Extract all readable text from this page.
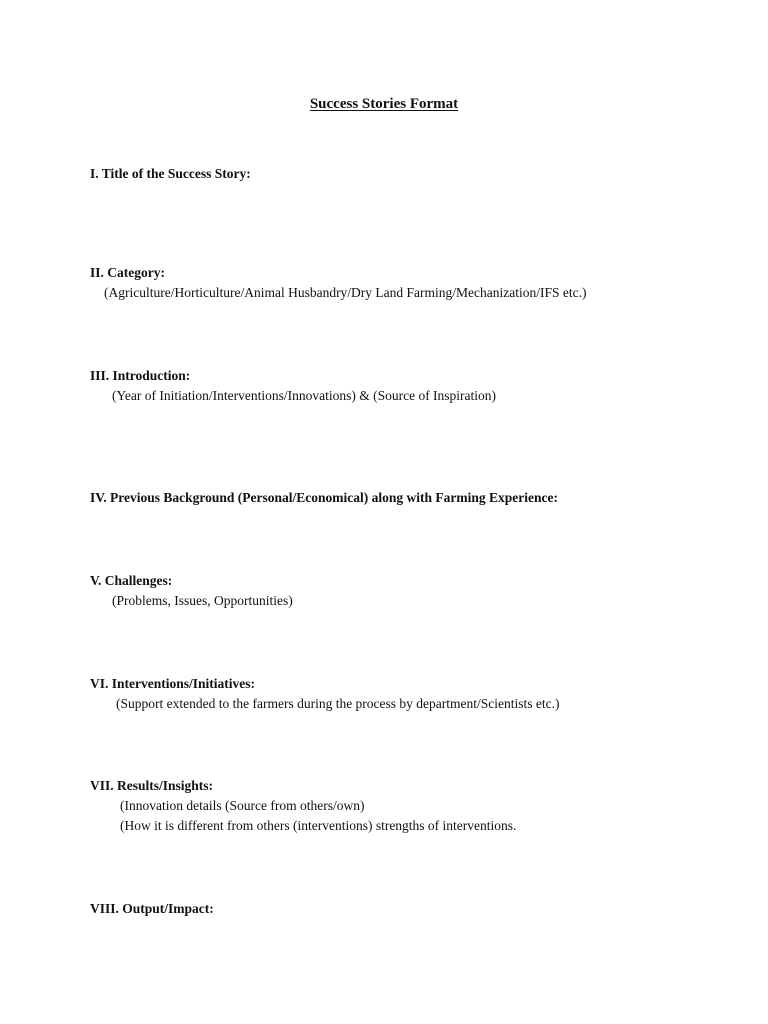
Success Stories Format
I. Title of the Success Story:
II. Category:
(Agriculture/Horticulture/Animal Husbandry/Dry Land Farming/Mechanization/IFS etc.)
III. Introduction:
(Year of Initiation/Interventions/Innovations) & (Source of Inspiration)
IV. Previous Background (Personal/Economical) along with Farming Experience:
V. Challenges:
(Problems, Issues, Opportunities)
VI. Interventions/Initiatives:
(Support extended to the farmers during the process by department/Scientists etc.)
VII. Results/Insights:
(Innovation details (Source from others/own)
(How it is different from others (interventions) strengths of interventions.
VIII. Output/Impact:
